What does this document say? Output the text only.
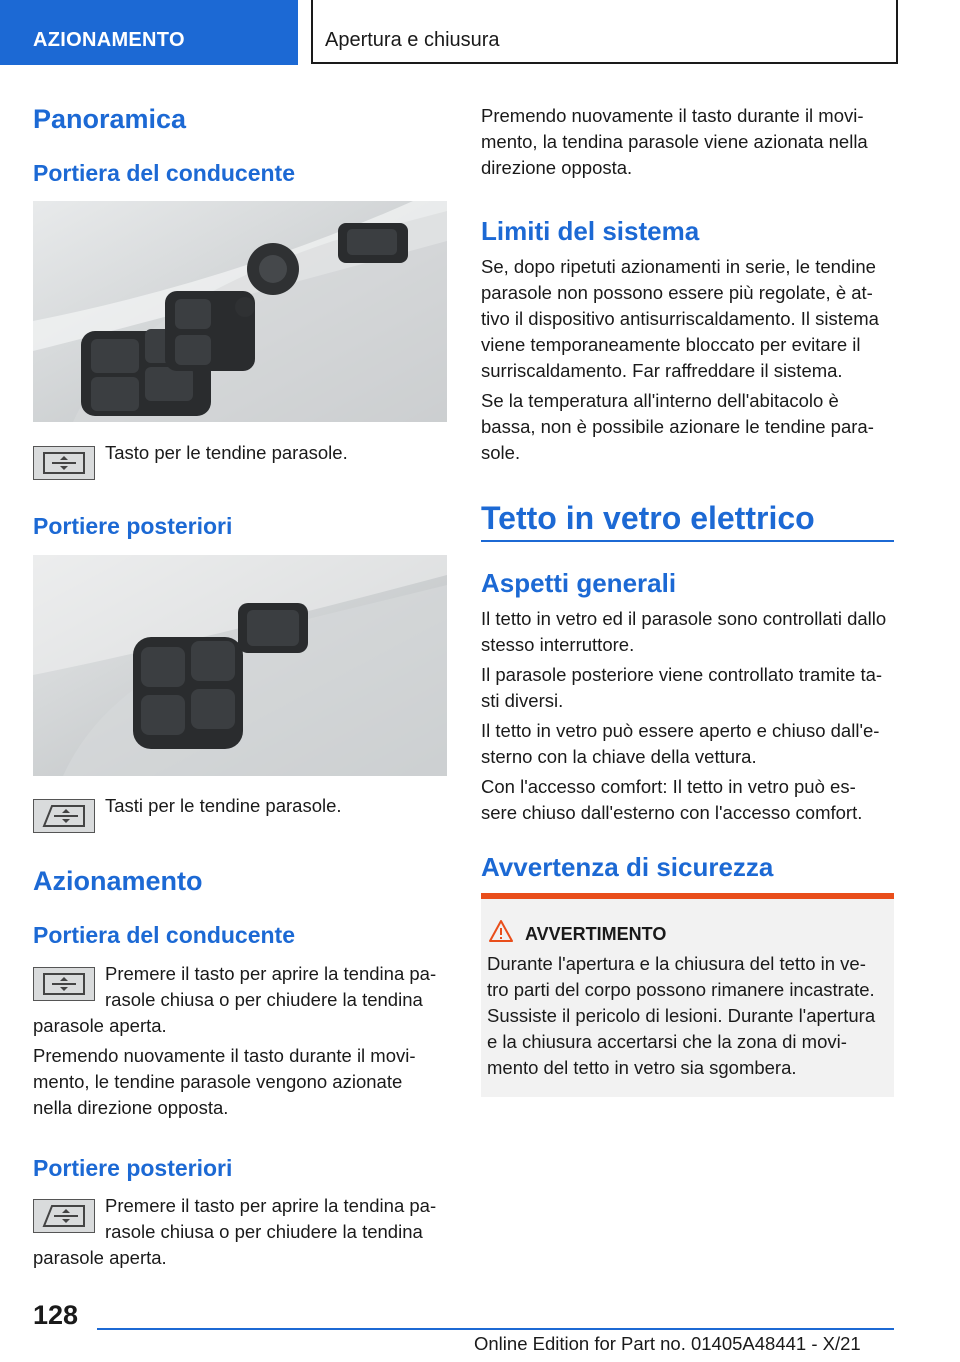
AZIONAMENTO	Apertura e chiusura
Panoramica
Portiera del conducente
Tasto per le tendine parasole.
Portiere posteriori
Tasti per le tendine parasole.
Azionamento
Portiera del conducente
Premere il tasto per aprire la tendina pa-
rasole chiusa o per chiudere la tendina
parasole aperta.
Premendo nuovamente il tasto durante il movi-
mento, le tendine parasole vengono azionate
nella direzione opposta.
Portiere posteriori
Premere il tasto per aprire la tendina pa-
rasole chiusa o per chiudere la tendina
parasole aperta.
Premendo nuovamente il tasto durante il movi-
mento, la tendina parasole viene azionata nella
direzione opposta.
Limiti del sistema
Se, dopo ripetuti azionamenti in serie, le tendine
parasole non possono essere più regolate, è at-
tivo il dispositivo antisurriscaldamento. Il sistema
viene temporaneamente bloccato per evitare il
surriscaldamento. Far raffreddare il sistema.
Se la temperatura all'interno dell'abitacolo è
bassa, non è possibile azionare le tendine para-
sole.
Tetto in vetro elettrico
Aspetti generali
Il tetto in vetro ed il parasole sono controllati dallo
stesso interruttore.
Il parasole posteriore viene controllato tramite ta-
sti diversi.
Il tetto in vetro può essere aperto e chiuso dall'e-
sterno con la chiave della vettura.
Con l'accesso comfort: Il tetto in vetro può es-
sere chiuso dall'esterno con l'accesso comfort.
Avvertenza di sicurezza
AVVERTIMENTO
Durante l'apertura e la chiusura del tetto in ve-
tro parti del corpo possono rimanere incastrate.
Sussiste il pericolo di lesioni. Durante l'apertura
e la chiusura accertarsi che la zona di movi-
mento del tetto in vetro sia sgombera.
128
Online Edition for Part no. 01405A48441 - X/21
